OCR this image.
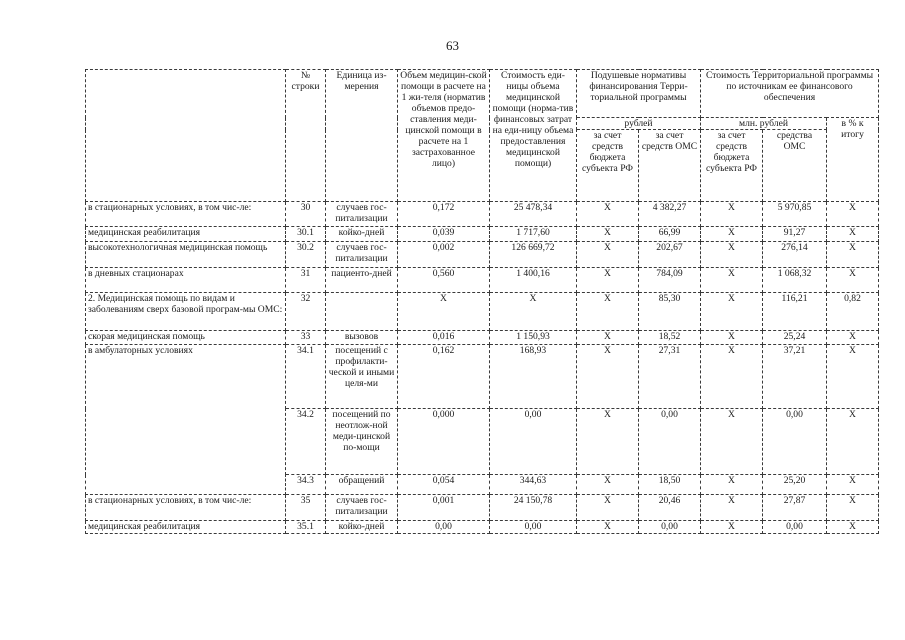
63
	№ строки	Единица из-мерения	Объем медицин-ской помощи в расчете на 1 жи-теля (норматив объемов предо-ставления меди-цинской помощи в расчете на 1 застрахованное лицо)	Стоимость еди-ницы объема медицинской помощи (норма-тив финансовых затрат на еди-ницу объема предоставления медицинской помощи)	Подушевые нормативы финансирования Терри-ториальной программы		Стоимость Территориальной программы по источникам ее финансового обеспечения		
					рублей		млн. рублей		в % к итогу
					за счет средств бюджета субъекта РФ	за счет средств ОМС	за счет средств бюджета субъекта РФ	средства ОМС	
в стационарных условиях, в том чис-ле:	30	случаев гос-питализации	0,172	25 478,34	X	4 382,27	X	5 970,85	X
медицинская реабилитация	30.1	койко-дней	0,039	1 717,60	X	66,99	X	91,27	X
высокотехнологичная медицинская помощь	30.2	случаев гос-питализации	0,002	126 669,72	X	202,67	X	276,14	X
в дневных стационарах	31	пациенто-дней	0,560	1 400,16	X	784,09	X	1 068,32	X
2. Медицинская помощь по видам и заболеваниям сверх базовой програм-мы ОМС:	32		X	X	X	85,30	X	116,21	0,82
скорая медицинская помощь	33	вызовов	0,016	1 150,93	X	18,52	X	25,24	X
в амбулаторных условиях	34.1	посещений с профилакти-ческой и иными целя-ми	0,162	168,93	X	27,31	X	37,21	X
	34.2	посещений по неотлож-ной меди-цинской по-мощи	0,000	0,00	X	0,00	X	0,00	X
	34.3	обращений	0,054	344,63	X	18,50	X	25,20	X
в стационарных условиях, в том чис-ле:	35	случаев гос-питализации	0,001	24 150,78	X	20,46	X	27,87	X
медицинская реабилитация	35.1	койко-дней	0,00	0,00	X	0,00	X	0,00	X
